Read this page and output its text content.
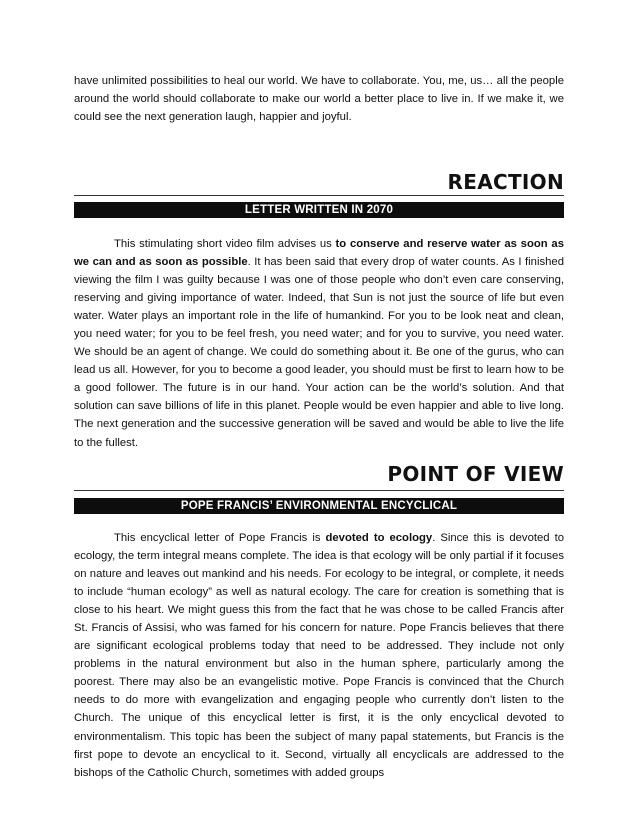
have unlimited possibilities to heal our world. We have to collaborate. You, me, us… all the people around the world should collaborate to make our world a better place to live in. If we make it, we could see the next generation laugh, happier and joyful.

REACTION
LETTER WRITTEN IN 2070

This stimulating short video film advises us to conserve and reserve water as soon as we can and as soon as possible. It has been said that every drop of water counts. As I finished viewing the film I was guilty because I was one of those people who don’t even care conserving, reserving and giving importance of water. Indeed, that Sun is not just the source of life but even water. Water plays an important role in the life of humankind. For you to be look neat and clean, you need water; for you to be feel fresh, you need water; and for you to survive, you need water. We should be an agent of change. We could do something about it. Be one of the gurus, who can lead us all. However, for you to become a good leader, you should must be first to learn how to be a good follower. The future is in our hand. Your action can be the world’s solution. And that solution can save billions of life in this planet. People would be even happier and able to live long. The next generation and the successive generation will be saved and would be able to live the life to the fullest.

POINT OF VIEW
POPE FRANCIS’ ENVIRONMENTAL ENCYCLICAL

This encyclical letter of Pope Francis is devoted to ecology. Since this is devoted to ecology, the term integral means complete. The idea is that ecology will be only partial if it focuses on nature and leaves out mankind and his needs. For ecology to be integral, or complete, it needs to include “human ecology” as well as natural ecology. The care for creation is something that is close to his heart. We might guess this from the fact that he was chose to be called Francis after St. Francis of Assisi, who was famed for his concern for nature. Pope Francis believes that there are significant ecological problems today that need to be addressed. They include not only problems in the natural environment but also in the human sphere, particularly among the poorest. There may also be an evangelistic motive. Pope Francis is convinced that the Church needs to do more with evangelization and engaging people who currently don’t listen to the Church. The unique of this encyclical letter is first, it is the only encyclical devoted to environmentalism. This topic has been the subject of many papal statements, but Francis is the first pope to devote an encyclical to it. Second, virtually all encyclicals are addressed to the bishops of the Catholic Church, sometimes with added groups
